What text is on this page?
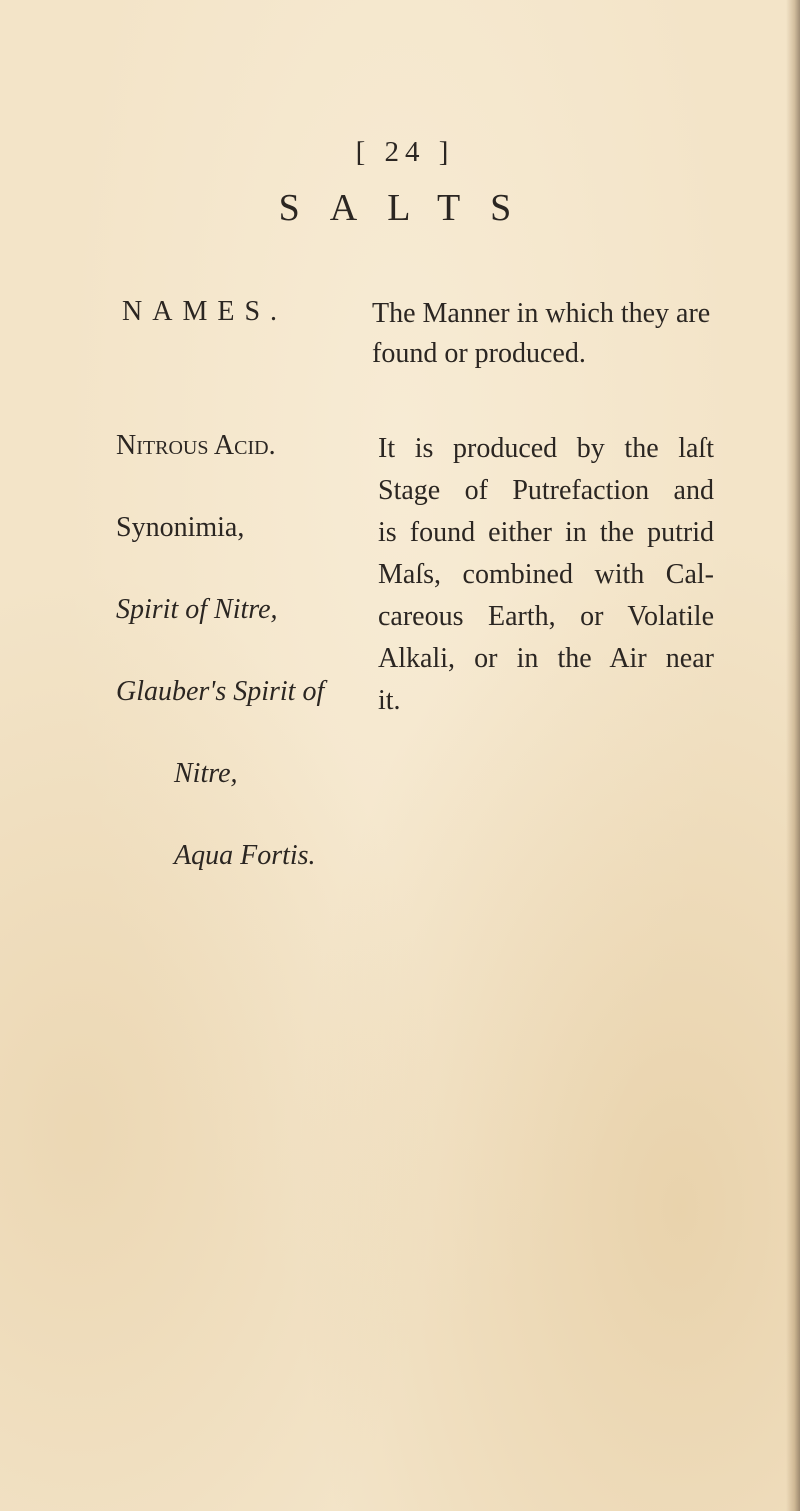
[ 24 ]
SALTS
NAMES.	The Manner in which they are found or produced.
Nitrous Acid.
Synonimia,
Spirit of Nitre,
Glauber's Spirit of
Nitre,
Aqua Fortis.
It is produced by the laſt
Stage of Putrefaction and
is found either in the putrid
Maſs, combined with Cal-
careous Earth, or Volatile
Alkali, or in the Air near
it.
